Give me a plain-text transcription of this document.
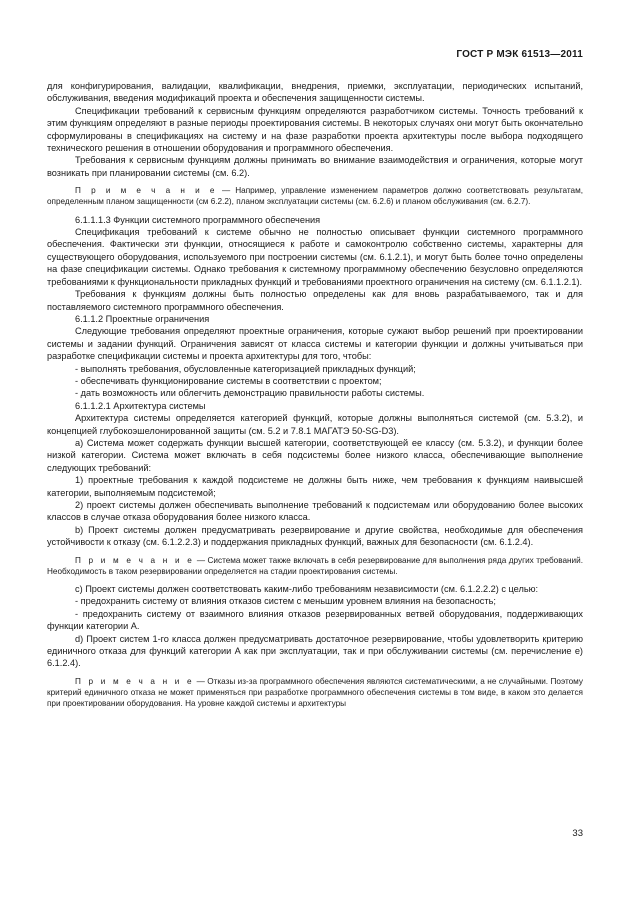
ГОСТ Р МЭК 61513—2011

для конфигурирования, валидации, квалификации, внедрения, приемки, эксплуатации, периодических испытаний, обслуживания, введения модификаций проекта и обеспечения защищенности системы.

Спецификации требований к сервисным функциям определяются разработчиком системы. Точность требований к этим функциям определяют в разные периоды проектирования системы. В некоторых случаях они могут быть окончательно сформулированы в спецификациях на систему и на фазе разработки проекта архитектуры после выбора подходящего технического решения в отношении оборудования и программного обеспечения.

Требования к сервисным функциям должны принимать во внимание взаимодействия и ограничения, которые могут возникать при планировании системы (см. 6.2).

П р и м е ч а н и е — Например, управление изменением параметров должно соответствовать результатам, определенным планом защищенности (см 6.2.2), планом эксплуатации системы (см. 6.2.6) и планом обслуживания (см. 6.2.7).

6.1.1.1.3 Функции системного программного обеспечения

Спецификация требований к системе обычно не полностью описывает функции системного программного обеспечения. Фактически эти функции, относящиеся к работе и самоконтролю собственно системы, характерны для существующего оборудования, используемого при построении системы (см. 6.1.2.1), и могут быть более точно определены на фазе спецификации системы. Однако требования к системному программному обеспечению безусловно определяются требованиями к функциональности прикладных функций и требованиями проектного ограничения на систему (см. 6.1.1.2.1).

Требования к функциям должны быть полностью определены как для вновь разрабатываемого, так и для поставляемого системного программного обеспечения.

6.1.1.2 Проектные ограничения

Следующие требования определяют проектные ограничения, которые сужают выбор решений при проектировании системы и задании функций. Ограничения зависят от класса системы и категории функции и должны учитываться при разработке спецификации системы и проекта архитектуры для того, чтобы:

- выполнять требования, обусловленные категоризацией прикладных функций;

- обеспечивать функционирование системы в соответствии с проектом;

- дать возможность или облегчить демонстрацию правильности работы системы.

6.1.1.2.1 Архитектура системы

Архитектура системы определяется категорией функций, которые должны выполняться системой (см. 5.3.2), и концепцией глубокоэшелонированной защиты (см. 5.2 и 7.8.1 МАГАТЭ 50-SG-D3).

а) Система может содержать функции высшей категории, соответствующей ее классу (см. 5.3.2), и функции более низкой категории. Система может включать в себя подсистемы более низкого класса, обеспечивающие выполнение следующих требований:

1) проектные требования к каждой подсистеме не должны быть ниже, чем требования к функциям наивысшей категории, выполняемым подсистемой;

2) проект системы должен обеспечивать выполнение требований к подсистемам или оборудованию более высоких классов в случае отказа оборудования более низкого класса.

b) Проект системы должен предусматривать резервирование и другие свойства, необходимые для обеспечения устойчивости к отказу (см. 6.1.2.2.3) и поддержания прикладных функций, важных для безопасности (см. 6.1.2.4).

П р и м е ч а н и е — Система может также включать в себя резервирование для выполнения ряда других требований. Необходимость в таком резервировании определяется на стадии проектирования системы.

с) Проект системы должен соответствовать каким-либо требованиям независимости (см. 6.1.2.2.2) с целью:

- предохранить систему от влияния отказов систем с меньшим уровнем влияния на безопасность;

- предохранить систему от взаимного влияния отказов резервированных ветвей оборудования, поддерживающих функции категории А.

d) Проект систем 1-го класса должен предусматривать достаточное резервирование, чтобы удовлетворить критерию единичного отказа для функций категории А как при эксплуатации, так и при обслуживании системы (см. перечисление е) 6.1.2.4).

П р и м е ч а н и е — Отказы из-за программного обеспечения являются систематическими, а не случайными. Поэтому критерий единичного отказа не может применяться при разработке программного обеспечения системы в том виде, в каком это делается при проектировании оборудования. На уровне каждой системы и архитектуры

33
